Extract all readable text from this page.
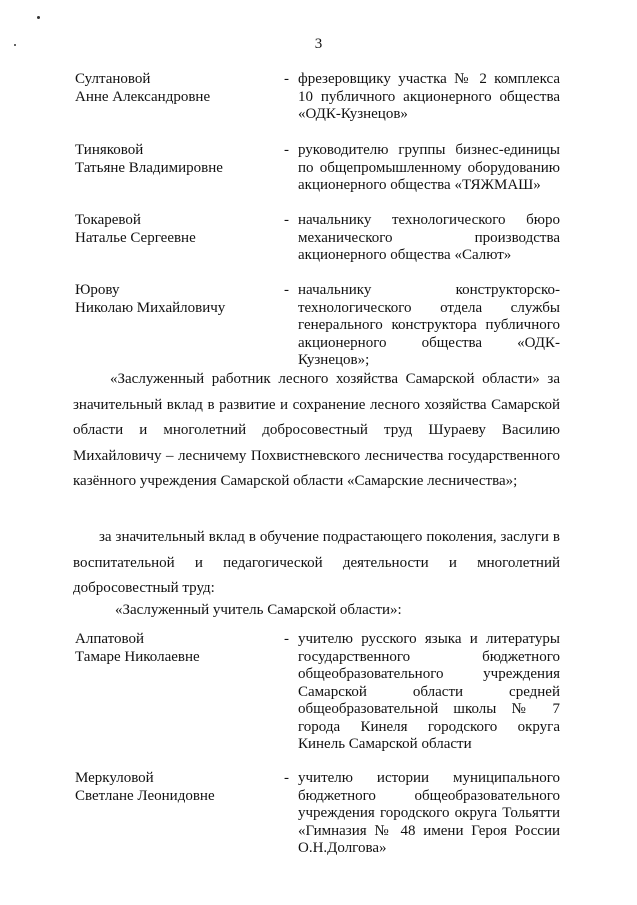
3
Султановой
Анне Александровне
- фрезеровщику участка № 2 комплекса 10 публичного акционерного общества «ОДК-Кузнецов»
Тиняковой
Татьяне Владимировне
- руководителю группы бизнес-единицы по общепромышленному оборудованию акционерного общества «ТЯЖМАШ»
Токаревой
Наталье Сергеевне
- начальнику технологического бюро механического производства акционерного общества «Салют»
Юрову
Николаю Михайловичу
- начальнику конструкторско-технологического отдела службы генерального конструктора публичного акционерного общества «ОДК-Кузнецов»;
«Заслуженный работник лесного хозяйства Самарской области» за значительный вклад в развитие и сохранение лесного хозяйства Самарской области и многолетний добросовестный труд Шураеву Василию Михайловичу – лесничему Похвистневского лесничества государственного казённого учреждения Самарской области «Самарские лесничества»;
за значительный вклад в обучение подрастающего поколения, заслуги в воспитательной и педагогической деятельности и многолетний добросовестный труд:
«Заслуженный учитель Самарской области»:
Алпатовой
Тамаре Николаевне
- учителю русского языка и литературы государственного бюджетного общеобразовательного учреждения Самарской области средней общеобразовательной школы № 7 города Кинеля городского округа Кинель Самарской области
Меркуловой
Светлане Леонидовне
- учителю истории муниципального бюджетного общеобразовательного учреждения городского округа Тольятти «Гимназия № 48 имени Героя России О.Н.Долгова»
